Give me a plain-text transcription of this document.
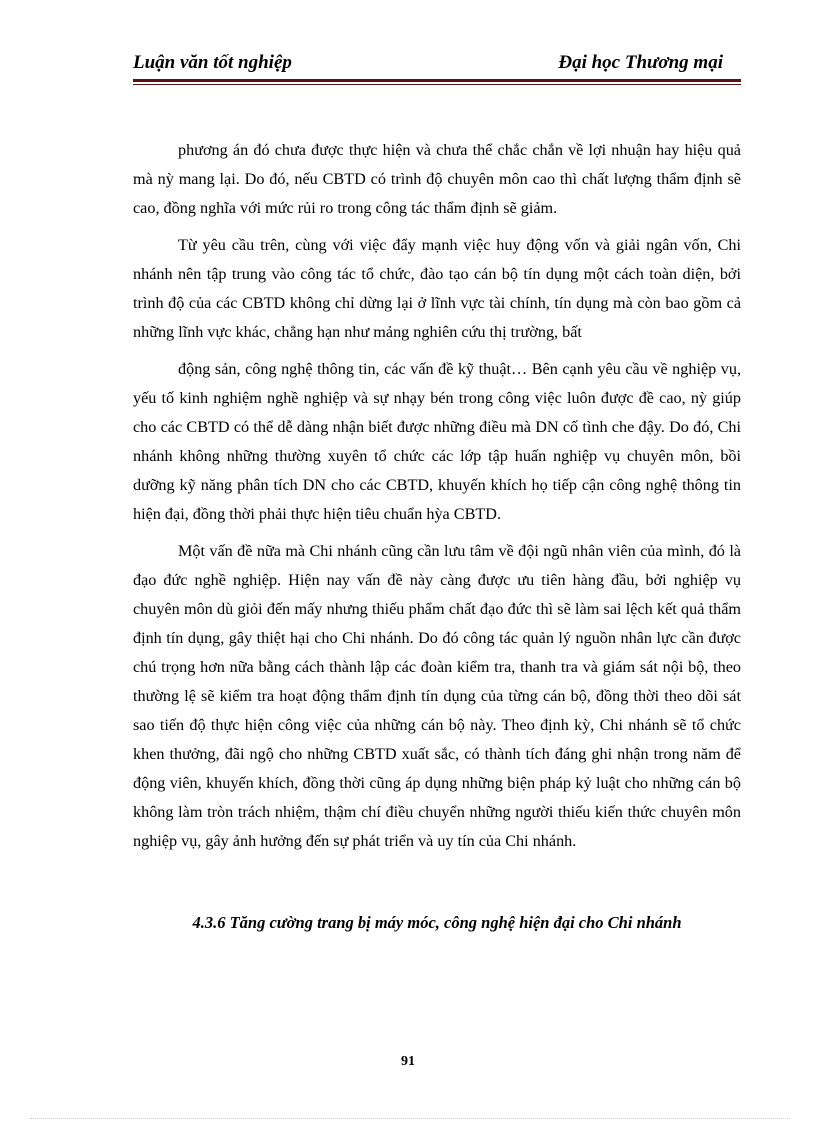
Luận văn tốt nghiệp	Đại học Thương mại

phương án đó chưa được thực hiện và chưa thể chắc chắn về lợi nhuận hay hiệu quả mà nỳ mang lại. Do đó, nếu CBTD có trình độ chuyên môn cao thì chất lượng thẩm định sẽ cao, đồng nghĩa với mức rủi ro trong công tác thẩm định sẽ giảm.

Từ yêu cầu trên, cùng với việc đẩy mạnh việc huy động vốn và giải ngân vốn, Chi nhánh nên tập trung vào công tác tổ chức, đào tạo cán bộ tín dụng một cách toàn diện, bởi trình độ của các CBTD không chỉ dừng lại ở lĩnh vực tài chính, tín dụng mà còn bao gồm cả những lĩnh vực khác, chẳng hạn như mảng nghiên cứu thị trường, bất

động sản, công nghệ thông tin, các vấn đề kỹ thuật… Bên cạnh yêu cầu về nghiệp vụ, yếu tố kinh nghiệm nghề nghiệp và sự nhạy bén trong công việc luôn được đề cao, nỳ giúp cho các CBTD có thể dễ dàng nhận biết được những điều mà DN cố tình che đậy. Do đó, Chi nhánh không những thường xuyên tổ chức các lớp tập huấn nghiệp vụ chuyên môn, bồi dưỡng kỹ năng phân tích DN cho các CBTD, khuyến khích họ tiếp cận công nghệ thông tin hiện đại, đồng thời phải thực hiện tiêu chuẩn hỳa CBTD.

Một vấn đề nữa mà Chi nhánh cũng cần lưu tâm về đội ngũ nhân viên của mình, đó là đạo đức nghề nghiệp. Hiện nay vấn đề này càng được ưu tiên hàng đầu, bởi nghiệp vụ chuyên môn dù giỏi đến mấy nhưng thiếu phẩm chất đạo đức thì sẽ làm sai lệch kết quả thẩm định tín dụng, gây thiệt hại cho Chi nhánh. Do đó công tác quản lý nguồn nhân lực cần được chú trọng hơn nữa bằng cách thành lập các đoàn kiểm tra, thanh tra và giám sát nội bộ, theo thường lệ sẽ kiểm tra hoạt động thẩm định tín dụng của từng cán bộ, đồng thời theo dõi sát sao tiến độ thực hiện công việc của những cán bộ này. Theo định kỳ, Chi nhánh sẽ tổ chức khen thưởng, đãi ngộ cho những CBTD xuất sắc, có thành tích đáng ghi nhận trong năm để động viên, khuyến khích, đồng thời cũng áp dụng những biện pháp kỷ luật cho những cán bộ không làm tròn trách nhiệm, thậm chí điều chuyển những người thiếu kiến thức chuyên môn nghiệp vụ, gây ảnh hưởng đến sự phát triển và uy tín của Chi nhánh.

4.3.6 Tăng cường trang bị máy móc, công nghệ hiện đại cho Chi nhánh
91
